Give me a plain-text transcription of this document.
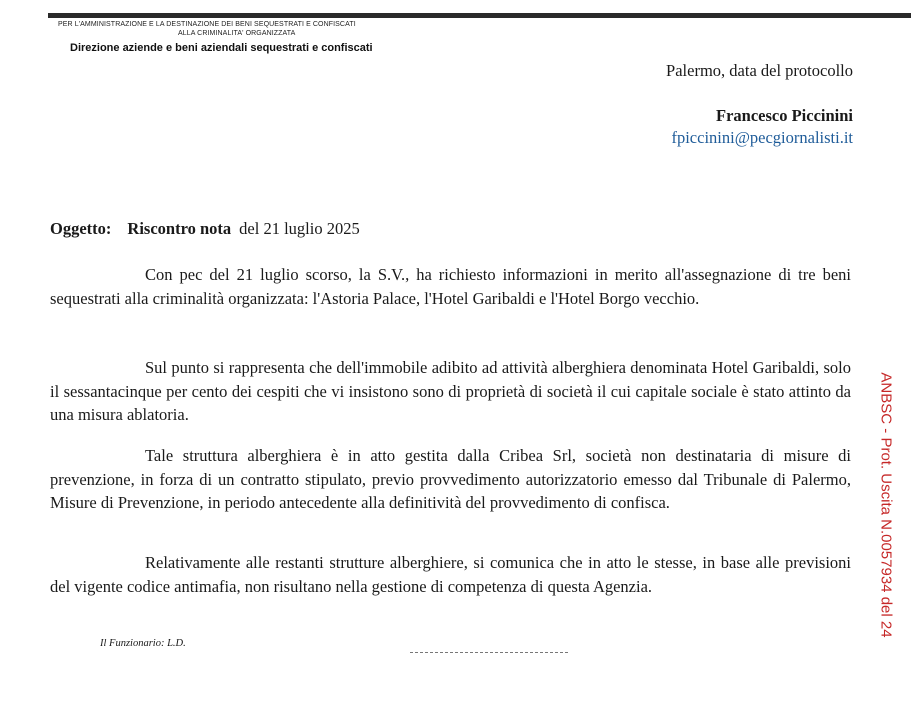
PER L'AMMINISTRAZIONE E LA DESTINAZIONE DEI BENI SEQUESTRATI E CONFISCATI
ALLA CRIMINALITA' ORGANIZZATA
Direzione aziende e beni aziendali sequestrati e confiscati
Palermo, data del protocollo
Francesco Piccinini
fpiccinini@pecgiornalisti.it
Oggetto: Riscontro nota del 21 luglio 2025

Con pec del 21 luglio scorso, la S.V., ha richiesto informazioni in merito all'assegnazione di tre beni sequestrati alla criminalità organizzata: l'Astoria Palace, l'Hotel Garibaldi e l'Hotel Borgo vecchio.

Sul punto si rappresenta che dell'immobile adibito ad attività alberghiera denominata Hotel Garibaldi, solo il sessantacinque per cento dei cespiti che vi insistono sono di proprietà di società il cui capitale sociale è stato attinto da una misura ablatoria.

Tale struttura alberghiera è in atto gestita dalla Cribea Srl, società non destinataria di misure di prevenzione, in forza di un contratto stipulato, previo provvedimento autorizzatorio emesso dal Tribunale di Palermo, Misure di Prevenzione, in periodo antecedente alla definitività del provvedimento di confisca.

Relativamente alle restanti strutture alberghiere, si comunica che in atto le stesse, in base alle previsioni del vigente codice antimafia, non risultano nella gestione di competenza di questa Agenzia.

Il Funzionario: L.D.
ANBSC - Prot. Uscita N.0057934 del 24
